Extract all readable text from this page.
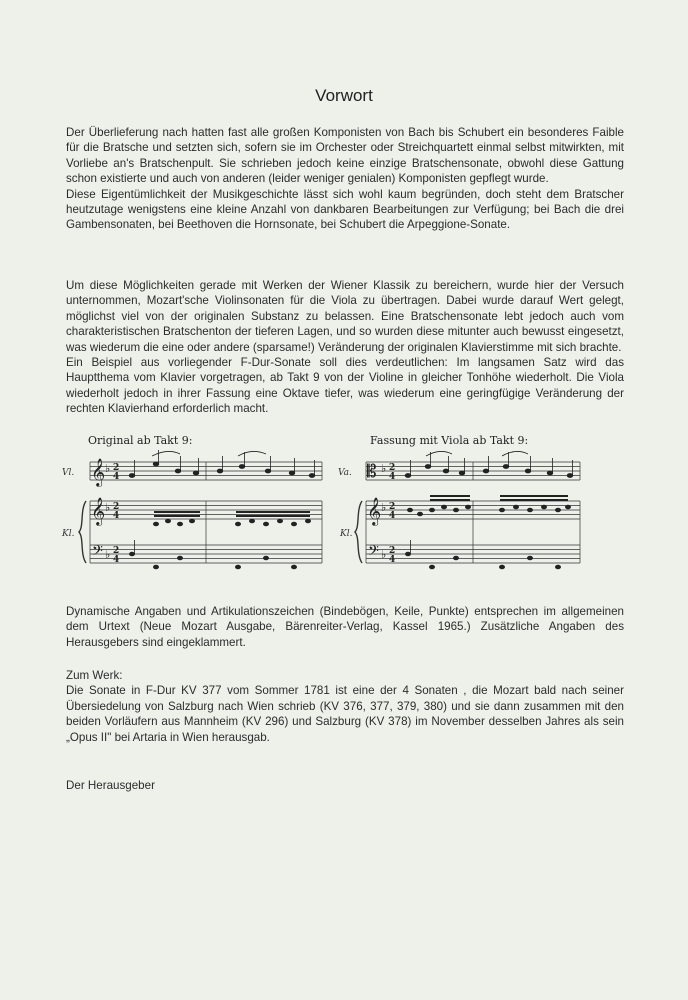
Vorwort

Der Überlieferung nach hatten fast alle großen Komponisten von Bach bis Schubert ein besonderes Faible für die Bratsche und setzten sich, sofern sie im Orchester oder Streichquartett einmal selbst mitwirkten, mit Vorliebe an's Bratschenpult. Sie schrieben jedoch keine einzige Bratschensonate, obwohl diese Gattung schon existierte und auch von anderen (leider weniger genialen) Komponisten gepflegt wurde.

Diese Eigentümlichkeit der Musikgeschichte lässt sich wohl kaum begründen, doch steht dem Bratscher heutzutage wenigstens eine kleine Anzahl von dankbaren Bearbeitungen zur Verfügung; bei Bach die drei Gambensonaten, bei Beethoven die Hornsonate, bei Schubert die Arpeggione-Sonate.

Um diese Möglichkeiten gerade mit Werken der Wiener Klassik zu bereichern, wurde hier der Versuch unternommen, Mozart'sche Violinsonaten für die Viola zu übertragen. Dabei wurde darauf Wert gelegt, möglichst viel von der originalen Substanz zu belassen. Eine Bratschensonate lebt jedoch auch vom charakteristischen Bratschenton der tieferen Lagen, und so wurden diese mitunter auch bewusst eingesetzt, was wiederum die eine oder andere (sparsame!) Veränderung der originalen Klavierstimme mit sich brachte.

Ein Beispiel aus vorliegender F-Dur-Sonate soll dies verdeutlichen: Im langsamen Satz wird das Hauptthema vom Klavier vorgetragen, ab Takt 9 von der Violine in gleicher Tonhöhe wiederholt. Die Viola wiederholt jedoch in ihrer Fassung eine Oktave tiefer, was wiederum eine geringfügige Veränderung der rechten Klavierhand erforderlich macht.

Original ab Takt 9:	Fassung mit Viola ab Takt 9:
Vl.
Kl.
Va.
Kl.
𝄞
𝄞
𝄢
𝄡
𝄞
𝄢
♭
♭
♭
♭
♭
♭
2
4
2
4
2
4
2
4
2
4
2
4
Dynamische Angaben und Artikulationszeichen (Bindebögen, Keile, Punkte) entsprechen im allgemeinen dem Urtext (Neue Mozart Ausgabe, Bärenreiter-Verlag, Kassel 1965.) Zusätzliche Angaben des Herausgebers sind eingeklammert.

Zum Werk:

Die Sonate in F-Dur KV 377 vom Sommer 1781 ist eine der 4 Sonaten , die Mozart bald nach seiner Übersiedelung von Salzburg nach Wien schrieb (KV 376, 377, 379, 380) und sie dann zusammen mit den beiden Vorläufern aus Mannheim (KV 296) und Salzburg (KV 378) im November desselben Jahres als sein „Opus II" bei Artaria in Wien herausgab.

Der Herausgeber
